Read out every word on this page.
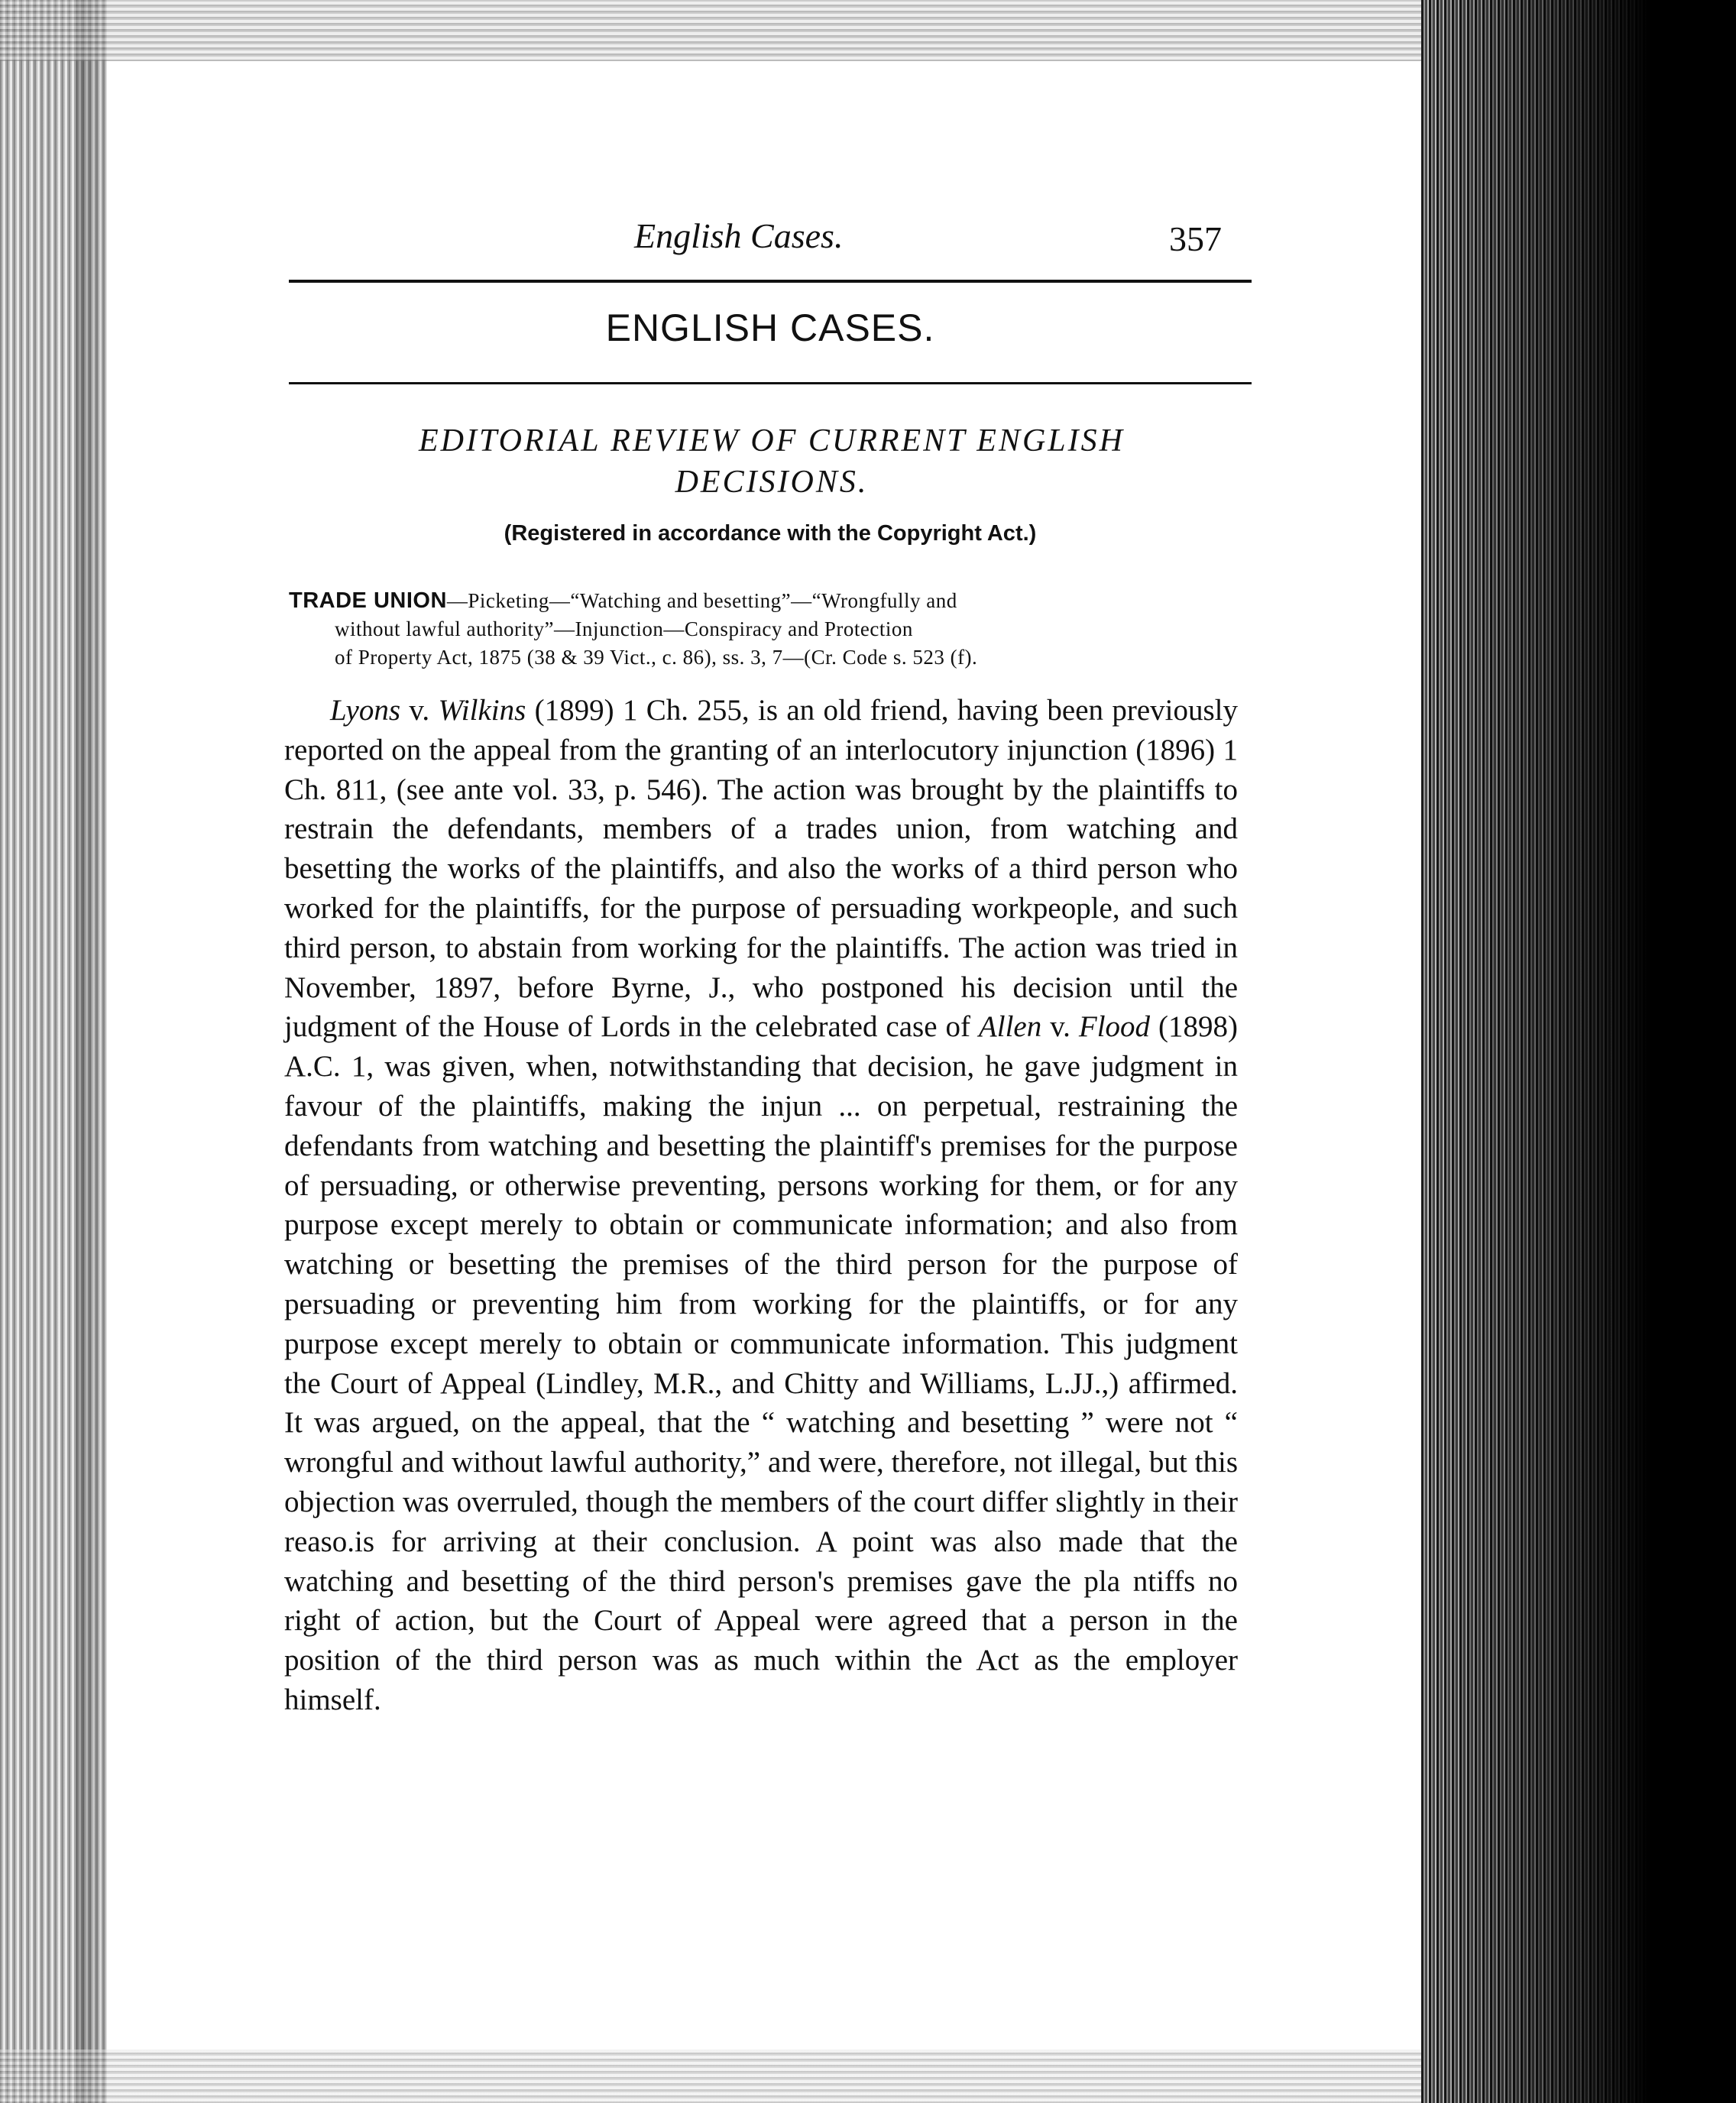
English Cases.	357
ENGLISH CASES.
EDITORIAL REVIEW OF CURRENT ENGLISH
DECISIONS.
(Registered in accordance with the Copyright Act.)
TRADE UNION—Picketing—“Watching and besetting”—“Wrongfully and
without lawful authority”—Injunction—Conspiracy and Protection
of Property Act, 1875 (38 & 39 Vict., c. 86), ss. 3, 7—(Cr. Code s. 523 (f).

Lyons v. Wilkins (1899) 1 Ch. 255, is an old friend, having been previously reported on the appeal from the granting of an interlocutory injunction (1896) 1 Ch. 811, (see ante vol. 33, p. 546). The action was brought by the plaintiffs to restrain the defendants, members of a trades union, from watching and besetting the works of the plaintiffs, and also the works of a third person who worked for the plaintiffs, for the purpose of persuading workpeople, and such third person, to abstain from working for the plaintiffs. The action was tried in November, 1897, before Byrne, J., who postponed his decision until the judgment of the House of Lords in the celebrated case of Allen v. Flood (1898) A.C. 1, was given, when, notwithstanding that decision, he gave judgment in favour of the plaintiffs, making the injun ... on perpetual, restraining the defendants from watching and besetting the plaintiff's premises for the purpose of persuading, or otherwise preventing, persons working for them, or for any purpose except merely to obtain or communicate information; and also from watching or besetting the premises of the third person for the purpose of persuading or preventing him from working for the plaintiffs, or for any purpose except merely to obtain or communicate information. This judgment the Court of Appeal (Lindley, M.R., and Chitty and Williams, L.JJ.,) affirmed. It was argued, on the appeal, that the “ watching and besetting ” were not “ wrongful and without lawful authority,” and were, therefore, not illegal, but this objection was overruled, though the members of the court differ slightly in their reaso.is for arriving at their conclusion. A point was also made that the watching and besetting of the third person's premises gave the pla ntiffs no right of action, but the Court of Appeal were agreed that a person in the position of the third person was as much within the Act as the employer himself.
